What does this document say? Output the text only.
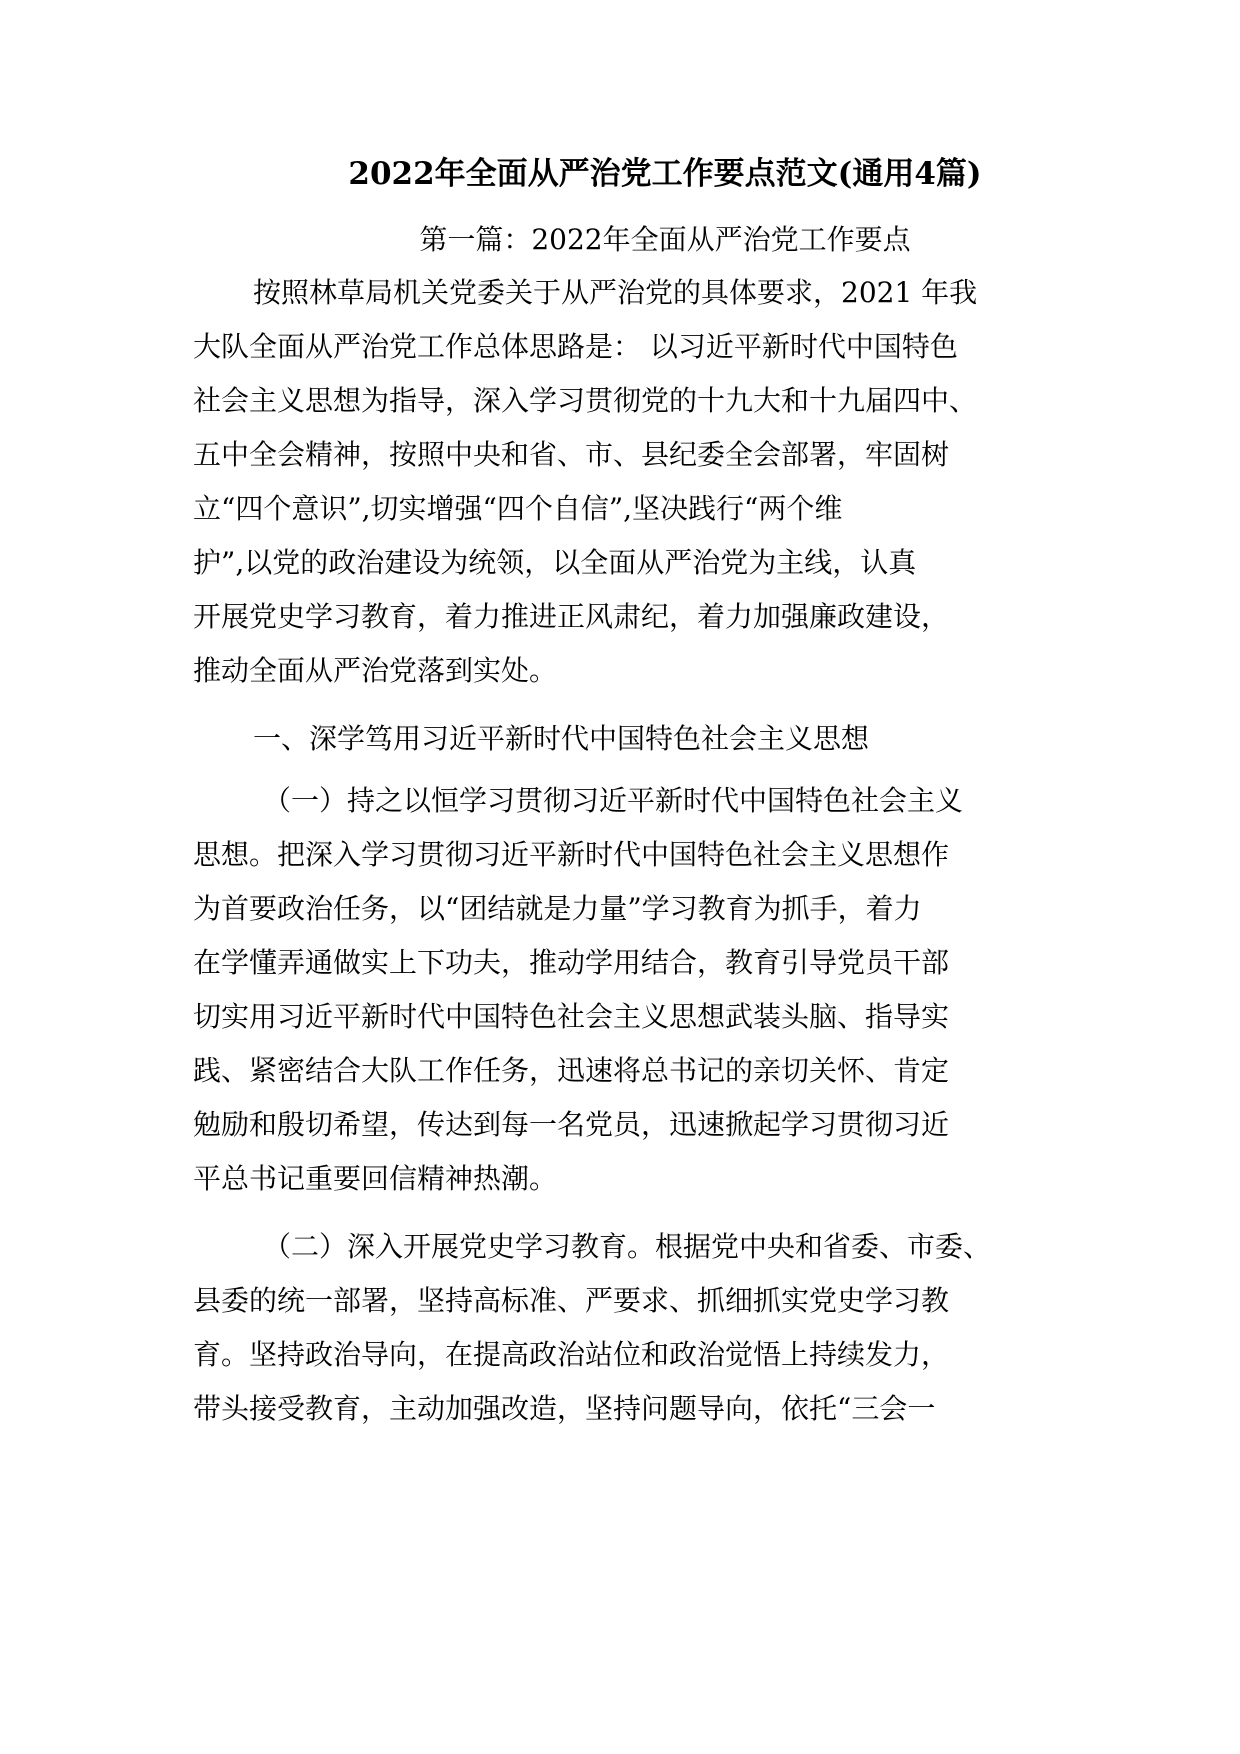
2022年全面从严治党工作要点范文(通用4篇)
第一篇：2022年全面从严治党工作要点
按照林草局机关党委关于从严治党的具体要求，2021 年我
大队全面从严治党工作总体思路是： 以习近平新时代中国特色
社会主义思想为指导，深入学习贯彻党的十九大和十九届四中、
五中全会精神，按照中央和省、市、县纪委全会部署，牢固树
立“四个意识”,切实增强“四个自信”,坚决践行“两个维
护”,以党的政治建设为统领，以全面从严治党为主线，认真
开展党史学习教育，着力推进正风肃纪，着力加强廉政建设，
推动全面从严治党落到实处。
一、深学笃用习近平新时代中国特色社会主义思想
（一）持之以恒学习贯彻习近平新时代中国特色社会主义
思想。把深入学习贯彻习近平新时代中国特色社会主义思想作
为首要政治任务，以“团结就是力量”学习教育为抓手，着力
在学懂弄通做实上下功夫，推动学用结合，教育引导党员干部
切实用习近平新时代中国特色社会主义思想武装头脑、指导实
践、紧密结合大队工作任务，迅速将总书记的亲切关怀、肯定
勉励和殷切希望，传达到每一名党员，迅速掀起学习贯彻习近
平总书记重要回信精神热潮。
（二）深入开展党史学习教育。根据党中央和省委、市委、
县委的统一部署，坚持高标准、严要求、抓细抓实党史学习教
育。坚持政治导向，在提高政治站位和政治觉悟上持续发力，
带头接受教育，主动加强改造，坚持问题导向，依托“三会一
